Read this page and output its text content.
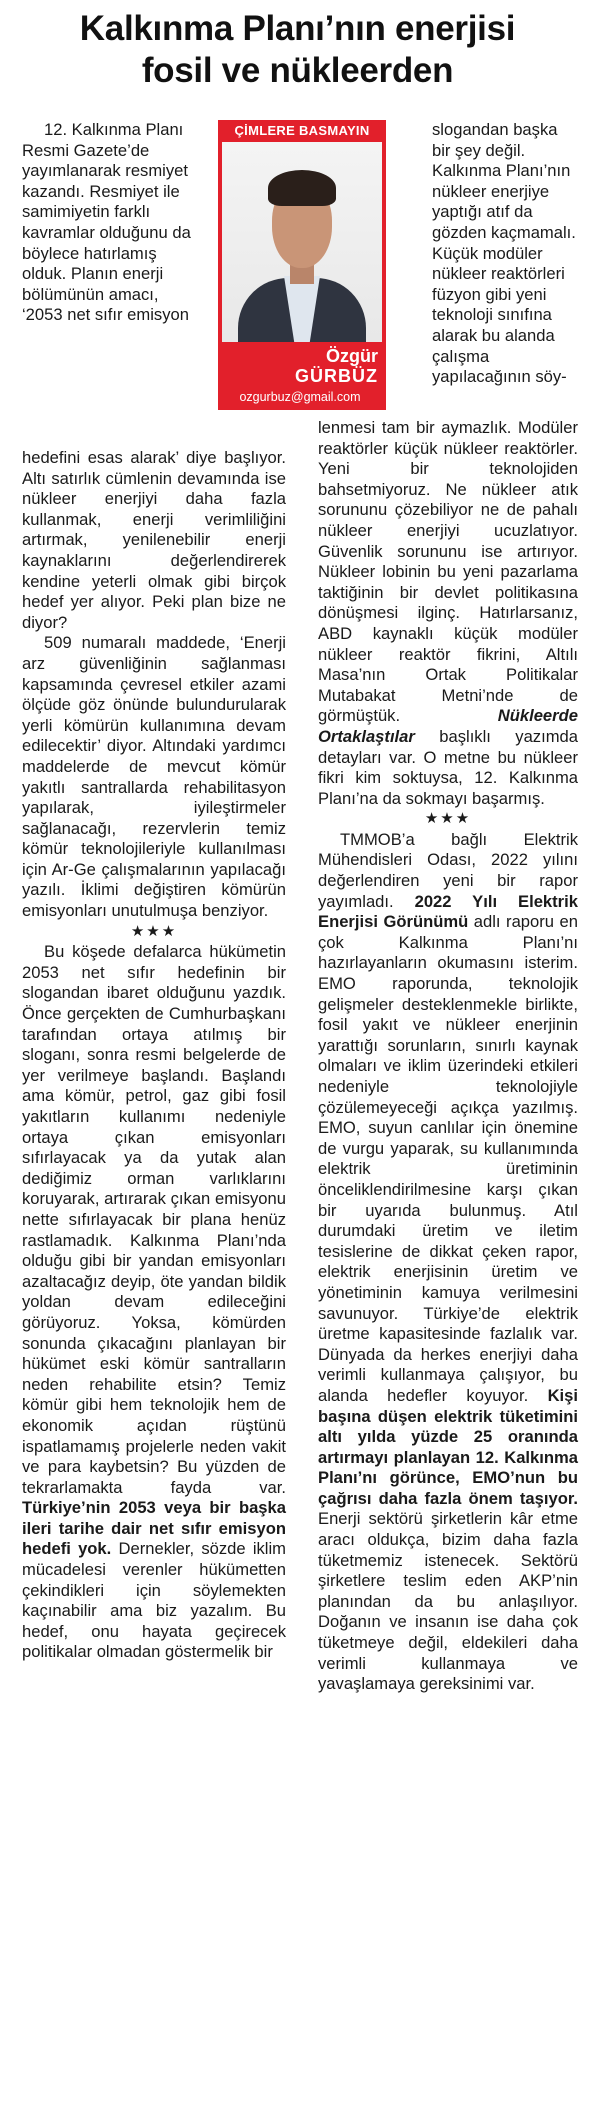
Kalkınma Planı’nın enerjisi
fosil ve nükleerden

12. Kalkınma Planı Resmi Gazete’de yayımlanarak resmiyet kazandı. Resmiyet ile samimiyetin farklı kavramlar olduğunu da böylece hatırlamış olduk. Planın enerji bölümünün amacı, ‘2053 net sıfır emisyon

ÇİMLERE BASMAYIN
Özgür
GÜRBÜZ
ozgurbuz@gmail.com

hedefini esas alarak’ diye başlıyor. Altı satırlık cümlenin devamında ise nükleer enerjiyi daha fazla kullanmak, enerji verimliliğini artırmak, yenilenebilir enerji kaynaklarını değerlendirerek kendine yeterli olmak gibi birçok hedef yer alıyor. Peki plan bize ne diyor?

509 numaralı maddede, ‘Enerji arz güvenliğinin sağlanması kapsamında çevresel etkiler azami ölçüde göz önünde bulundurularak yerli kömürün kullanımına devam edilecektir’ diyor. Altındaki yardımcı maddelerde de mevcut kömür yakıtlı santrallarda rehabilitasyon yapılarak, iyileştirmeler sağlanacağı, rezervlerin temiz kömür teknolojileriyle kullanılması için Ar-Ge çalışmalarının yapılacağı yazılı. İklimi değiştiren kömürün emisyonları unutulmuşa benziyor.

★★★

Bu köşede defalarca hükümetin 2053 net sıfır hedefinin bir slogandan ibaret olduğunu yazdık. Önce gerçekten de Cumhurbaşkanı tarafından ortaya atılmış bir sloganı, sonra resmi belgelerde de yer verilmeye başlandı. Başlandı ama kömür, petrol, gaz gibi fosil yakıtların kullanımı nedeniyle ortaya çıkan emisyonları sıfırlayacak ya da yutak alan dediğimiz orman varlıklarını koruyarak, artırarak çıkan emisyonu nette sıfırlayacak bir plana henüz rastlamadık. Kalkınma Planı’nda olduğu gibi bir yandan emisyonları azaltacağız deyip, öte yandan bildik yoldan devam edileceğini görüyoruz. Yoksa, kömürden sonunda çıkacağını planlayan bir hükümet eski kömür santralların neden rehabilite etsin? Temiz kömür gibi hem teknolojik hem de ekonomik açıdan rüştünü ispatlamamış projelerle neden vakit ve para kaybetsin? Bu yüzden de tekrarlamakta fayda var. Türkiye’nin 2053 veya bir başka ileri tarihe dair net sıfır emisyon hedefi yok. Dernekler, sözde iklim mücadelesi verenler hükümetten çekindikleri için söylemekten kaçınabilir ama biz yazalım. Bu hedef, onu hayata geçirecek politikalar olmadan göstermelik bir

slogandan başka bir şey değil. Kalkınma Planı’nın nükleer enerjiye yaptığı atıf da gözden kaçmamalı. Küçük modüler nükleer reaktörleri füzyon gibi yeni teknoloji sınıfına alarak bu alanda çalışma yapılacağının söy-

lenmesi tam bir aymazlık. Modüler reaktörler küçük nükleer reaktörler. Yeni bir teknolojiden bahsetmiyoruz. Ne nükleer atık sorununu çözebiliyor ne de pahalı nükleer enerjiyi ucuzlatıyor. Güvenlik sorununu ise artırıyor. Nükleer lobinin bu yeni pazarlama taktiğinin bir devlet politikasına dönüşmesi ilginç. Hatırlarsanız, ABD kaynaklı küçük modüler nükleer reaktör fikrini, Altılı Masa’nın Ortak Politikalar Mutabakat Metni’nde de görmüştük.	Nükleerde Ortaklaştılar başlıklı yazımda detayları var. O metne bu nükleer fikri kim soktuysa, 12. Kalkınma Planı’na da sokmayı başarmış.

★★★

TMMOB’a bağlı Elektrik Mühendisleri Odası, 2022 yılını değerlendiren yeni bir rapor yayımladı. 2022 Yılı Elektrik Enerjisi Görünümü adlı raporu en çok Kalkınma Planı’nı hazırlayanların okumasını isterim. EMO raporunda, teknolojik gelişmeler desteklenmekle birlikte, fosil yakıt ve nükleer enerjinin yarattığı sorunların, sınırlı kaynak olmaları ve iklim üzerindeki etkileri nedeniyle teknolojiyle çözülemeyeceği açıkça yazılmış. EMO, suyun canlılar için önemine de vurgu yaparak, su kullanımında elektrik üretiminin önceliklendirilmesine karşı çıkan bir uyarıda bulunmuş. Atıl durumdaki üretim ve iletim tesislerine de dikkat çeken rapor, elektrik enerjisinin üretim ve yönetiminin kamuya verilmesini savunuyor. Türkiye’de elektrik üretme kapasitesinde fazlalık var. Dünyada da herkes enerjiyi daha verimli kullanmaya çalışıyor, bu alanda hedefler koyuyor. Kişi başına düşen elektrik tüketimini altı yılda yüzde 25 oranında artırmayı planlayan 12. Kalkınma Planı’nı görünce, EMO’nun bu çağrısı daha fazla önem taşıyor. Enerji sektörü şirketlerin kâr etme aracı oldukça, bizim daha fazla tüketmemiz istenecek. Sektörü şirketlere teslim eden AKP’nin planından da bu anlaşılıyor. Doğanın ve insanın ise daha çok tüketmeye değil, eldekileri daha verimli kullanmaya ve yavaşlamaya gereksinimi var.
